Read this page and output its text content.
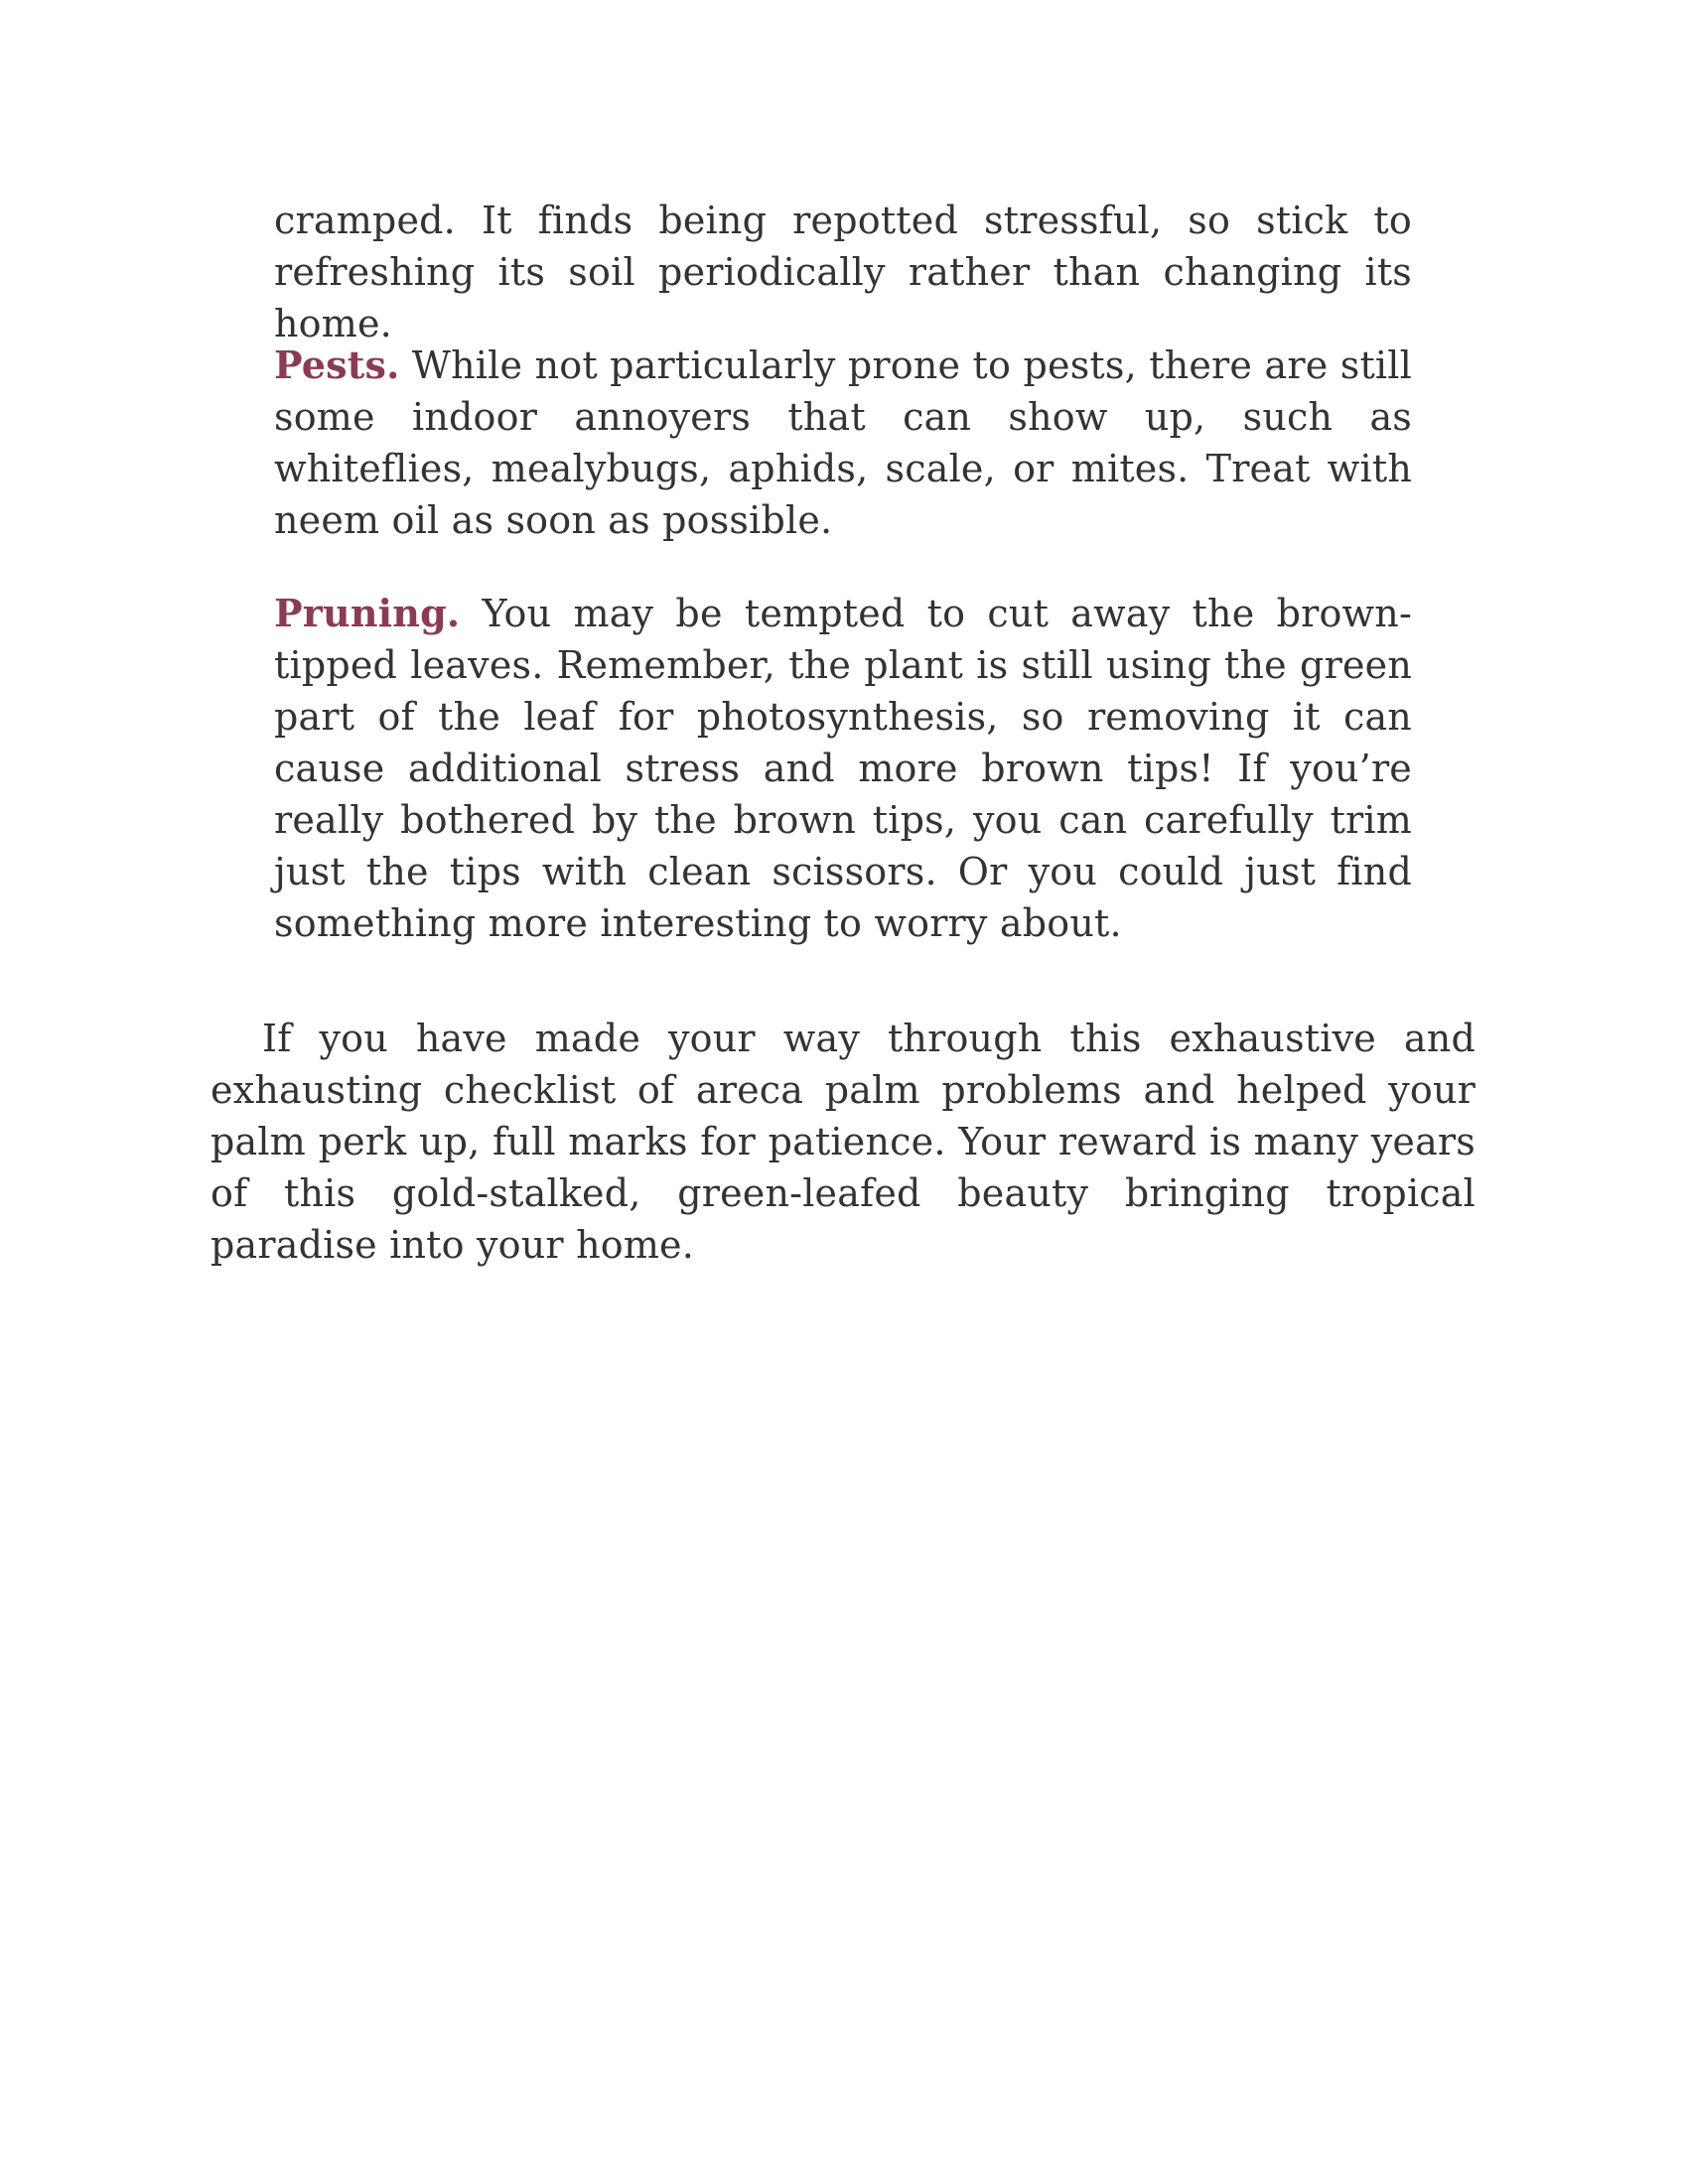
cramped. It finds being repotted stressful, so stick to refreshing its soil periodically rather than changing its home.

Pests. While not particularly prone to pests, there are still some indoor annoyers that can show up, such as whiteflies, mealybugs, aphids, scale, or mites. Treat with neem oil as soon as possible.

Pruning. You may be tempted to cut away the brown-tipped leaves. Remember, the plant is still using the green part of the leaf for photosynthesis, so removing it can cause additional stress and more brown tips! If you’re really bothered by the brown tips, you can carefully trim just the tips with clean scissors. Or you could just find something more interesting to worry about.

If you have made your way through this exhaustive and exhausting checklist of areca palm problems and helped your palm perk up, full marks for patience. Your reward is many years of this gold-stalked, green-leafed beauty bringing tropical paradise into your home.
